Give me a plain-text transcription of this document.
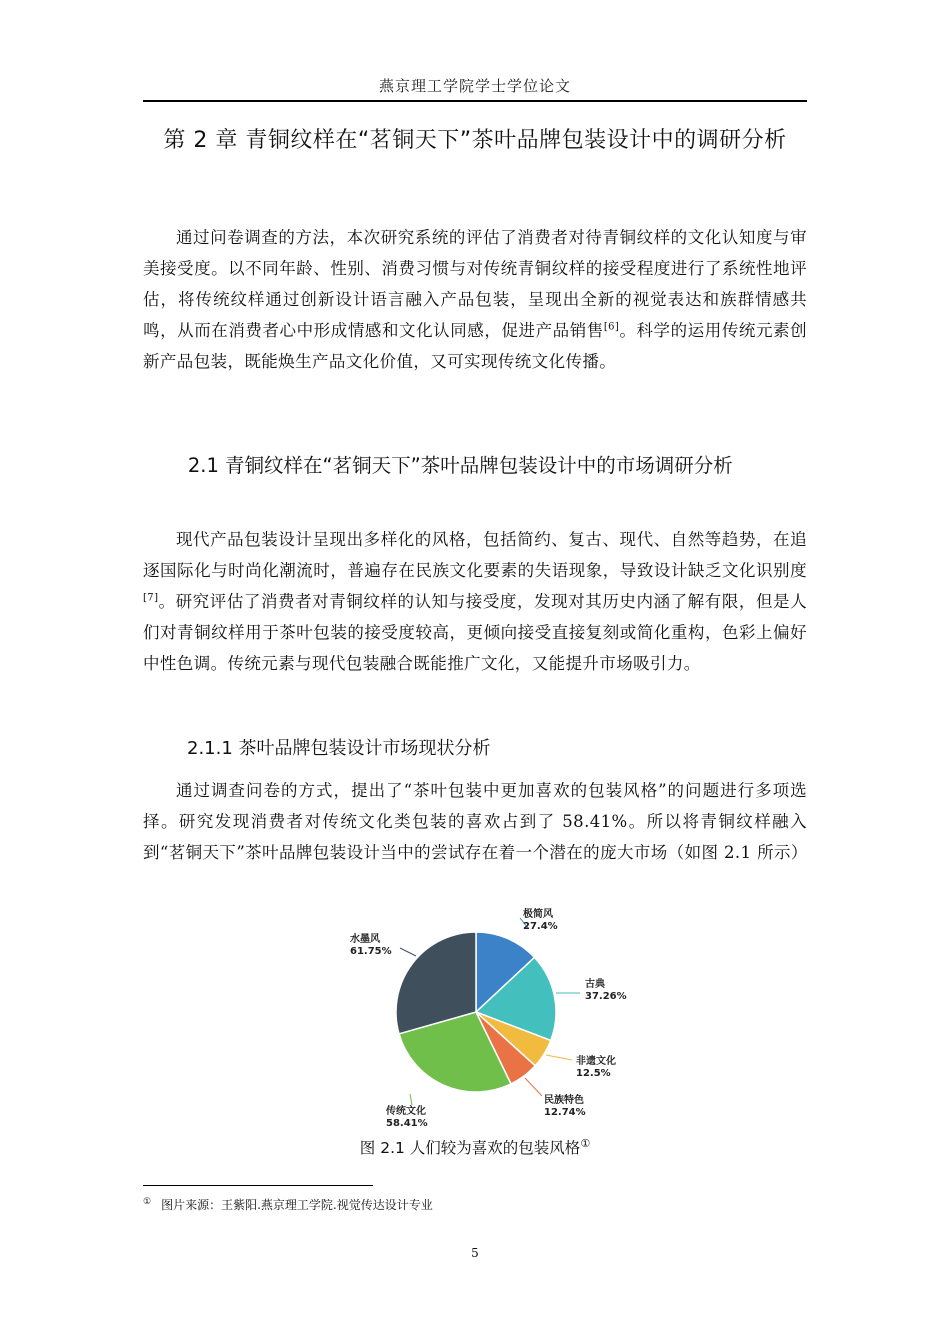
燕京理工学院学士学位论文
第 2 章 青铜纹样在“茗铜天下”茶叶品牌包装设计中的调研分析

通过问卷调查的方法，本次研究系统的评估了消费者对待青铜纹样的文化认知度与审美接受度。以不同年龄、性别、消费习惯与对传统青铜纹样的接受程度进行了系统性地评估，将传统纹样通过创新设计语言融入产品包装，呈现出全新的视觉表达和族群情感共鸣，从而在消费者心中形成情感和文化认同感，促进产品销售[6]。科学的运用传统元素创新产品包装，既能焕生产品文化价值，又可实现传统文化传播。

2.1 青铜纹样在“茗铜天下”茶叶品牌包装设计中的市场调研分析

现代产品包装设计呈现出多样化的风格，包括简约、复古、现代、自然等趋势，在追逐国际化与时尚化潮流时，普遍存在民族文化要素的失语现象，导致设计缺乏文化识别度[7]。研究评估了消费者对青铜纹样的认知与接受度，发现对其历史内涵了解有限，但是人们对青铜纹样用于茶叶包装的接受度较高，更倾向接受直接复刻或简化重构，色彩上偏好中性色调。传统元素与现代包装融合既能推广文化，又能提升市场吸引力。

2.1.1 茶叶品牌包装设计市场现状分析

通过调查问卷的方式，提出了“茶叶包装中更加喜欢的包装风格”的问题进行多项选择。研究发现消费者对传统文化类包装的喜欢占到了 58.41%。所以将青铜纹样融入到“茗铜天下”茶叶品牌包装设计当中的尝试存在着一个潜在的庞大市场（如图 2.1 所示）

极简风
27.4%
古典
37.26%
非遗文化
12.5%
民族特色
12.74%
传统文化
58.41%
水墨风
61.75%
图 2.1 人们较为喜欢的包装风格①
① 图片来源：王紫阳.燕京理工学院.视觉传达设计专业
5
